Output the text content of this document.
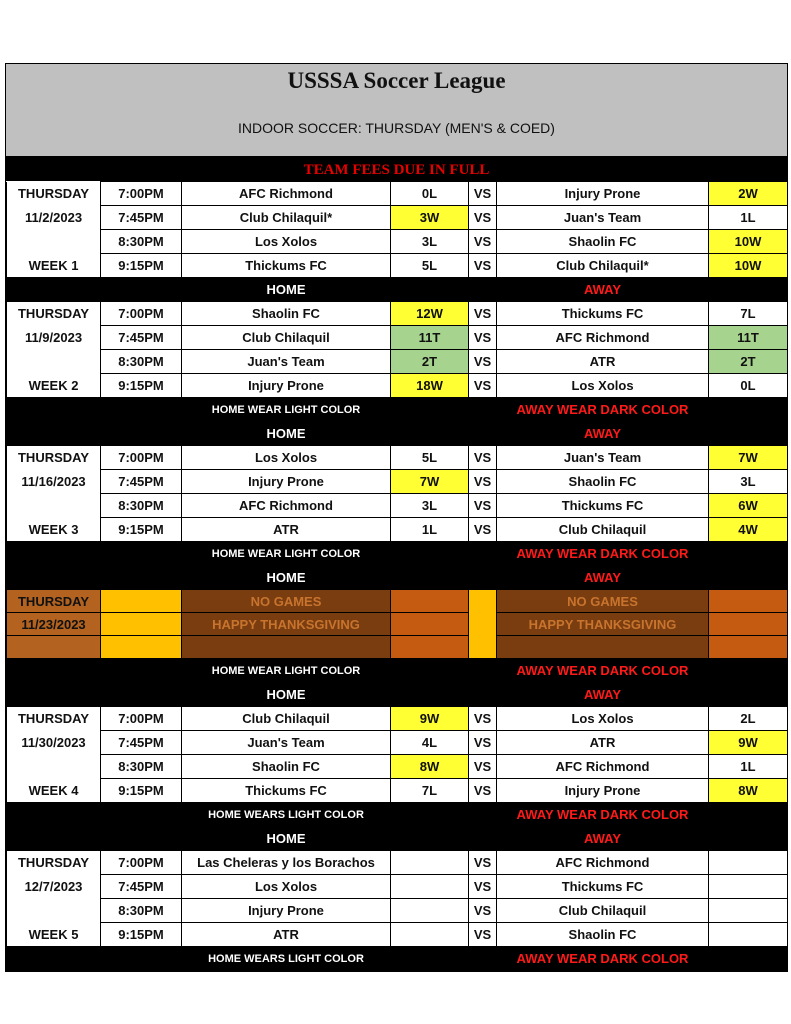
USSSA Soccer League
INDOOR SOCCER: THURSDAY (MEN'S & COED)
TEAM FEES DUE IN FULL
THURSDAY	7:00PM	AFC Richmond	0L	VS	Injury Prone	2W
11/2/2023	7:45PM	Club Chilaquil*	3W	VS	Juan's Team	1L
	8:30PM	Los Xolos	3L	VS	Shaolin FC	10W
WEEK 1	9:15PM	Thickums FC	5L	VS	Club Chilaquil*	10W
		HOME			AWAY	
THURSDAY	7:00PM	Shaolin FC	12W	VS	Thickums FC	7L
11/9/2023	7:45PM	Club Chilaquil	11T	VS	AFC Richmond	11T
	8:30PM	Juan's Team	2T	VS	ATR	2T
WEEK 2	9:15PM	Injury Prone	18W	VS	Los Xolos	0L
		HOME WEAR LIGHT COLOR			AWAY WEAR DARK COLOR	
		HOME			AWAY	
THURSDAY	7:00PM	Los Xolos	5L	VS	Juan's Team	7W
11/16/2023	7:45PM	Injury Prone	7W	VS	Shaolin FC	3L
	8:30PM	AFC Richmond	3L	VS	Thickums FC	6W
WEEK 3	9:15PM	ATR	1L	VS	Club Chilaquil	4W
		HOME WEAR LIGHT COLOR			AWAY WEAR DARK COLOR	
		HOME			AWAY	
THURSDAY		NO GAMES			NO GAMES	
11/23/2023		HAPPY THANKSGIVING			HAPPY THANKSGIVING	

		HOME WEAR LIGHT COLOR			AWAY WEAR DARK COLOR	
		HOME			AWAY	
THURSDAY	7:00PM	Club Chilaquil	9W	VS	Los Xolos	2L
11/30/2023	7:45PM	Juan's Team	4L	VS	ATR	9W
	8:30PM	Shaolin FC	8W	VS	AFC Richmond	1L
WEEK 4	9:15PM	Thickums FC	7L	VS	Injury Prone	8W
		HOME WEARS LIGHT COLOR			AWAY WEAR DARK COLOR	
		HOME			AWAY	
THURSDAY	7:00PM	Las Cheleras y los Borachos		VS	AFC Richmond	
12/7/2023	7:45PM	Los Xolos		VS	Thickums FC	
	8:30PM	Injury Prone		VS	Club Chilaquil	
WEEK 5	9:15PM	ATR		VS	Shaolin FC	
		HOME WEARS LIGHT COLOR			AWAY WEAR DARK COLOR	
